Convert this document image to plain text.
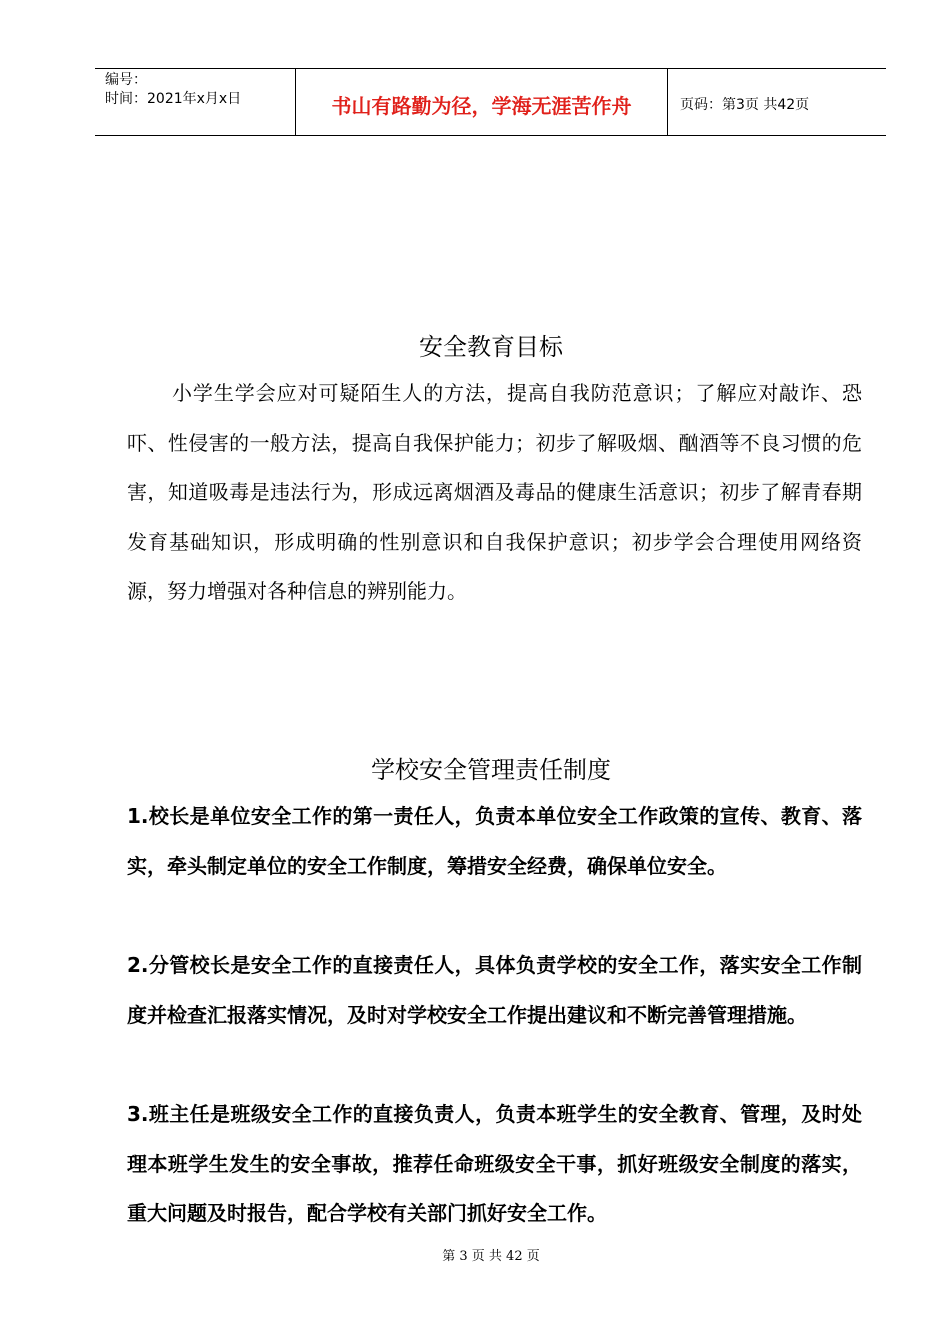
编号：
时间：2021年x月x日	书山有路勤为径，学海无涯苦作舟	页码：第3页 共42页
安全教育目标
小学生学会应对可疑陌生人的方法，提高自我防范意识；了解应对敲诈、恐吓、性侵害的一般方法，提高自我保护能力；初步了解吸烟、酗酒等不良习惯的危害，知道吸毒是违法行为，形成远离烟酒及毒品的健康生活意识；初步了解青春期发育基础知识，形成明确的性别意识和自我保护意识；初步学会合理使用网络资源，努力增强对各种信息的辨别能力。
学校安全管理责任制度
1.校长是单位安全工作的第一责任人，负责本单位安全工作政策的宣传、教育、落实，牵头制定单位的安全工作制度，筹措安全经费，确保单位安全。
2.分管校长是安全工作的直接责任人，具体负责学校的安全工作，落实安全工作制度并检查汇报落实情况，及时对学校安全工作提出建议和不断完善管理措施。
3.班主任是班级安全工作的直接负责人，负责本班学生的安全教育、管理，及时处理本班学生发生的安全事故，推荐任命班级安全干事，抓好班级安全制度的落实，重大问题及时报告，配合学校有关部门抓好安全工作。
第 3 页 共 42 页
